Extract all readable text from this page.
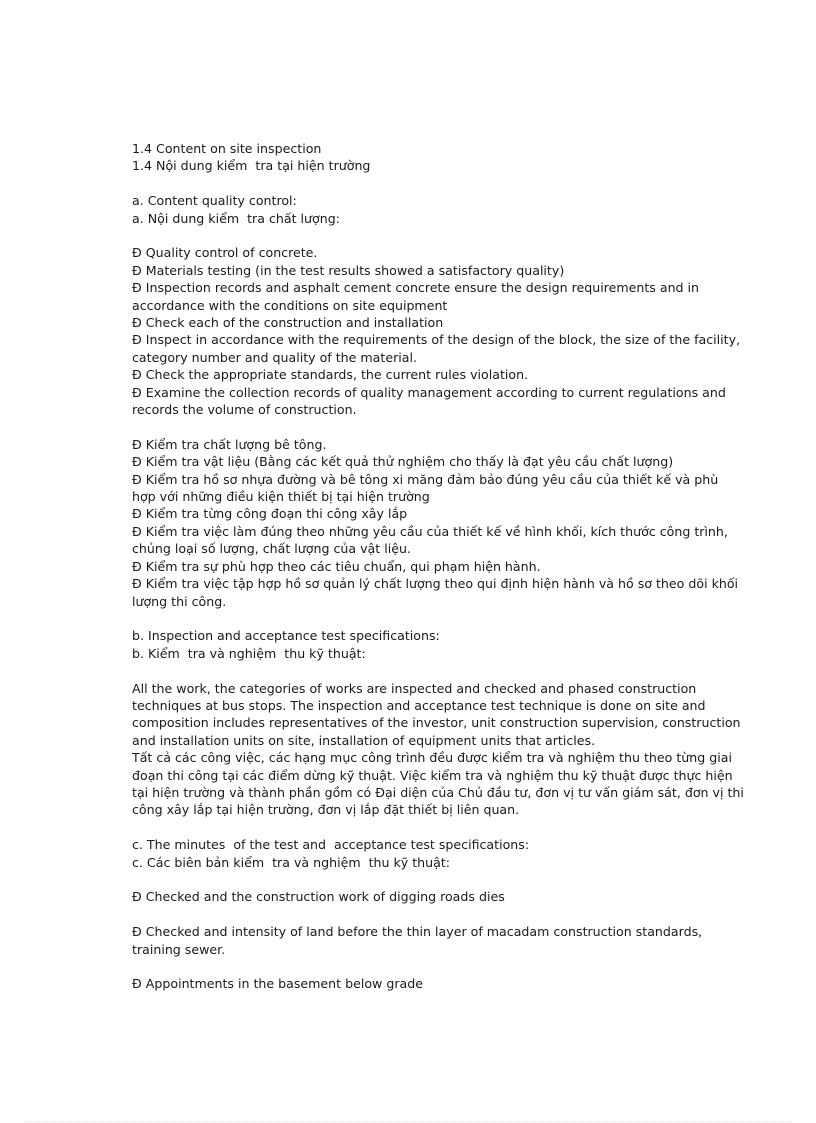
1.4 Content on site inspection
1.4 Nội dung kiểm  tra tại hiện trường
a. Content quality control:
a. Nội dung kiểm  tra chất lượng:
Đ Quality control of concrete.
Đ Materials testing (in the test results showed a satisfactory quality)
Đ Inspection records and asphalt cement concrete ensure the design requirements and in accordance with the conditions on site equipment
Đ Check each of the construction and installation
Đ Inspect in accordance with the requirements of the design of the block, the size of the facility, category number and quality of the material.
Đ Check the appropriate standards, the current rules violation.
Đ Examine the collection records of quality management according to current regulations and records the volume of construction.
Đ Kiểm tra chất lượng bê tông.
Đ Kiểm tra vật liệu (Bằng các kết quả thử nghiệm cho thấy là đạt yêu cầu chất lượng)
Đ Kiểm tra hồ sơ nhựa đường và bê tông xi măng đảm bảo đúng yêu cầu của thiết kế và phù hợp với những điều kiện thiết bị tại hiện trường
Đ Kiểm tra từng công đoạn thi công xây lắp
Đ Kiểm tra việc làm đúng theo những yêu cầu của thiết kế về hình khối, kích thước công trình, chủng loại số lượng, chất lượng của vật liệu.
Đ Kiểm tra sự phù hợp theo các tiêu chuẩn, qui phạm hiện hành.
Đ Kiểm tra việc tập hợp hồ sơ quản lý chất lượng theo qui định hiện hành và hồ sơ theo dõi khối lượng thi công.
b. Inspection and acceptance test specifications:
b. Kiểm  tra và nghiệm  thu kỹ thuật:
All the work, the categories of works are inspected and checked and phased construction techniques at bus stops. The inspection and acceptance test technique is done on site and composition includes representatives of the investor, unit construction supervision, construction and installation units on site, installation of equipment units that articles.
Tất cả các công việc, các hạng mục công trình đều được kiểm tra và nghiệm thu theo từng giai đoạn thi công tại các điểm dừng kỹ thuật. Việc kiểm tra và nghiệm thu kỹ thuật được thực hiện tại hiện trường và thành phần gồm có Đại diện của Chủ đầu tư, đơn vị tư vấn giám sát, đơn vị thi công xây lắp tại hiện trường, đơn vị lắp đặt thiết bị liên quan.
c. The minutes  of the test and  acceptance test specifications:
c. Các biên bản kiểm  tra và nghiệm  thu kỹ thuật:
Đ Checked and the construction work of digging roads dies
Đ Checked and intensity of land before the thin layer of macadam construction standards, training sewer.
Đ Appointments in the basement below grade
